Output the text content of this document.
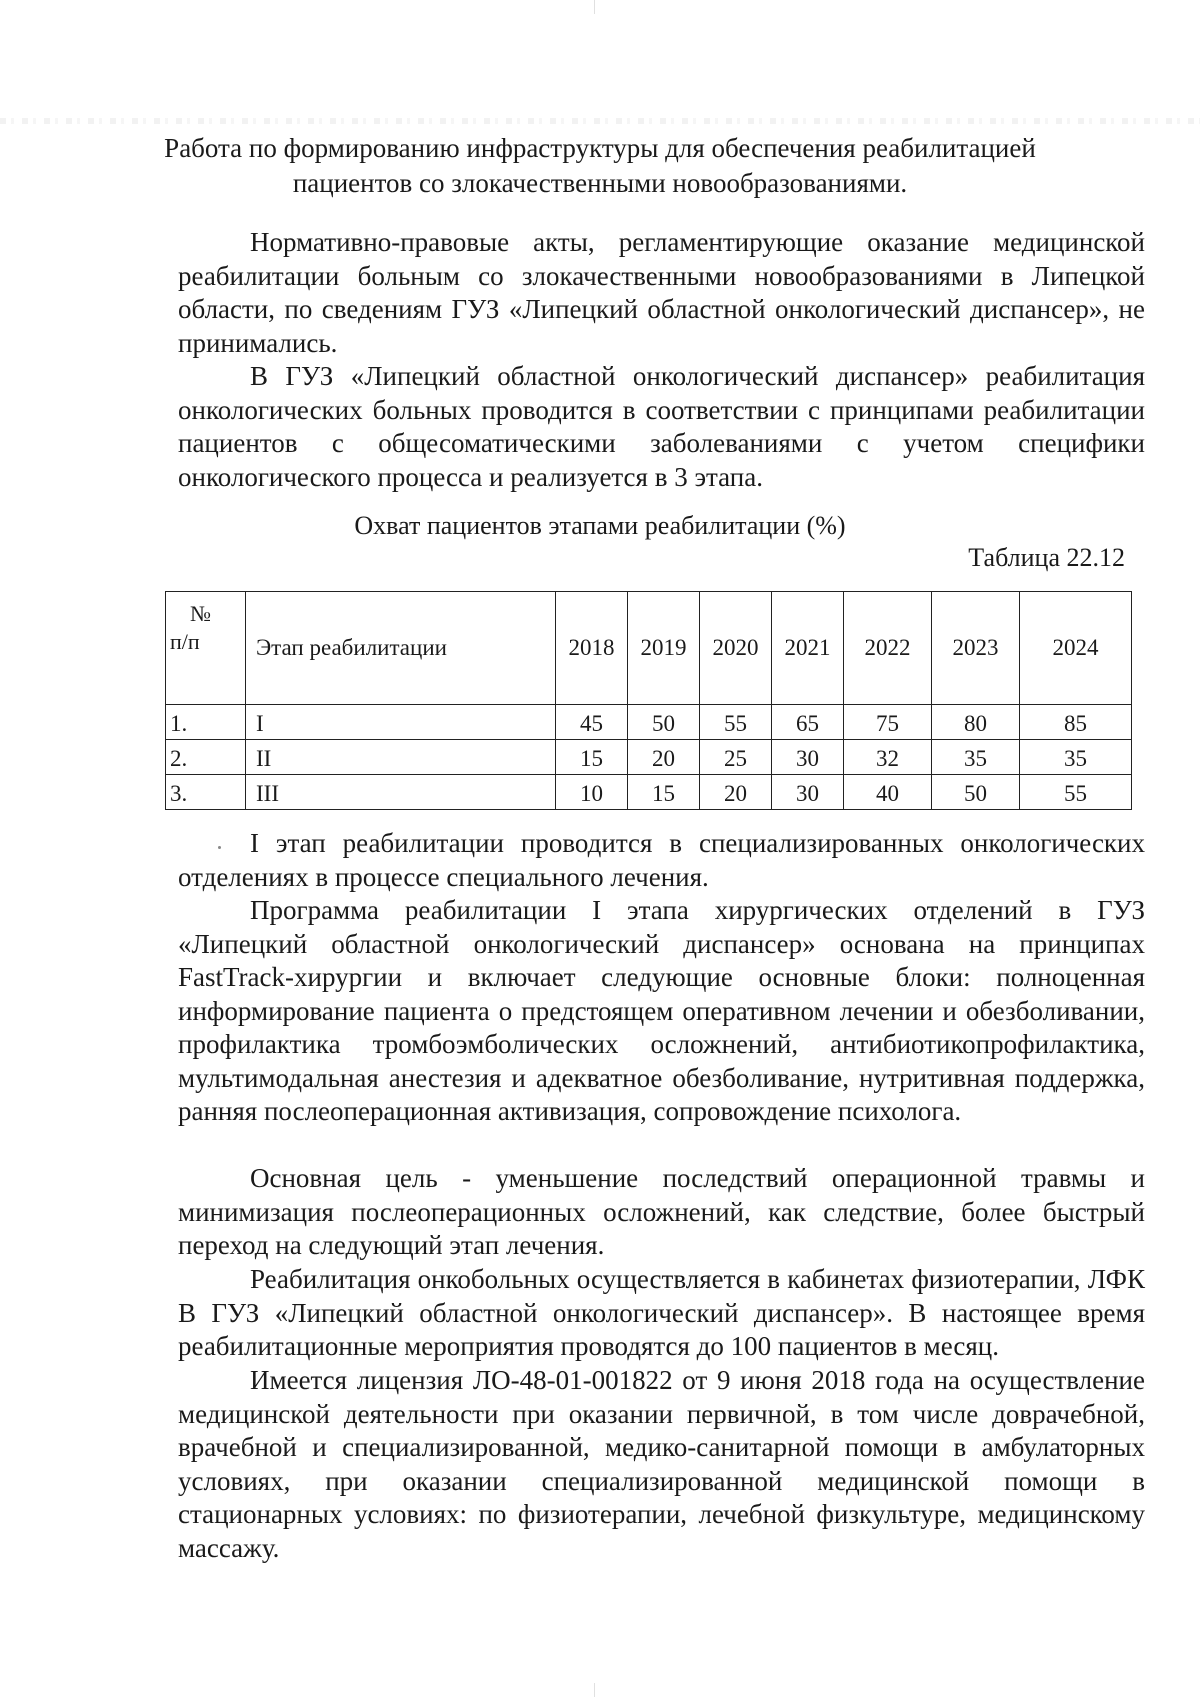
Работа по формированию инфраструктуры для обеспечения реабилитацией
пациентов со злокачественными новообразованиями.

Нормативно-правовые акты, регламентирующие оказание медицинской реабилитации больным со злокачественными новообразованиями в Липецкой области, по сведениям ГУЗ «Липецкий областной онкологический диспансер», не принимались.

В ГУЗ «Липецкий областной онкологический диспансер» реабилитация онкологических больных проводится в соответствии с принципами реабилитации пациентов с общесоматическими заболеваниями с учетом специфики онкологического процесса и реализуется в 3 этапа.

Охват пациентов этапами реабилитации (%)
Таблица 22.12
№
п/п	Этап реабилитации	2018	2019	2020	2021	2022	2023	2024
1.	I	45	50	55	65	75	80	85
2.	II	15	20	25	30	32	35	35
3.	III	10	15	20	30	40	50	55

I этап реабилитации проводится в специализированных онкологических отделениях в процессе специального лечения.

Программа реабилитации I этапа хирургических отделений в ГУЗ «Липецкий областной онкологический диспансер» основана на принципах FastTrack-хирургии и включает следующие основные блоки: полноценная информирование пациента о предстоящем оперативном лечении и обезболивании, профилактика тромбоэмболических осложнений, антибиотикопрофилактика, мультимодальная анестезия и адекватное обезболивание, нутритивная поддержка, ранняя послеоперационная активизация, сопровождение психолога.

Основная цель - уменьшение последствий операционной травмы и минимизация послеоперационных осложнений, как следствие, более быстрый переход на следующий этап лечения.

Реабилитация онкобольных осуществляется в кабинетах физиотерапии, ЛФК В ГУЗ «Липецкий областной онкологический диспансер». В настоящее время реабилитационные мероприятия проводятся до 100 пациентов в месяц.

Имеется лицензия ЛО-48-01-001822 от 9 июня 2018 года на осуществление медицинской деятельности при оказании первичной, в том числе доврачебной, врачебной и специализированной, медико-санитарной помощи в амбулаторных условиях, при оказании специализированной медицинской помощи в стационарных условиях: по физиотерапии, лечебной физкультуре, медицинскому массажу.
